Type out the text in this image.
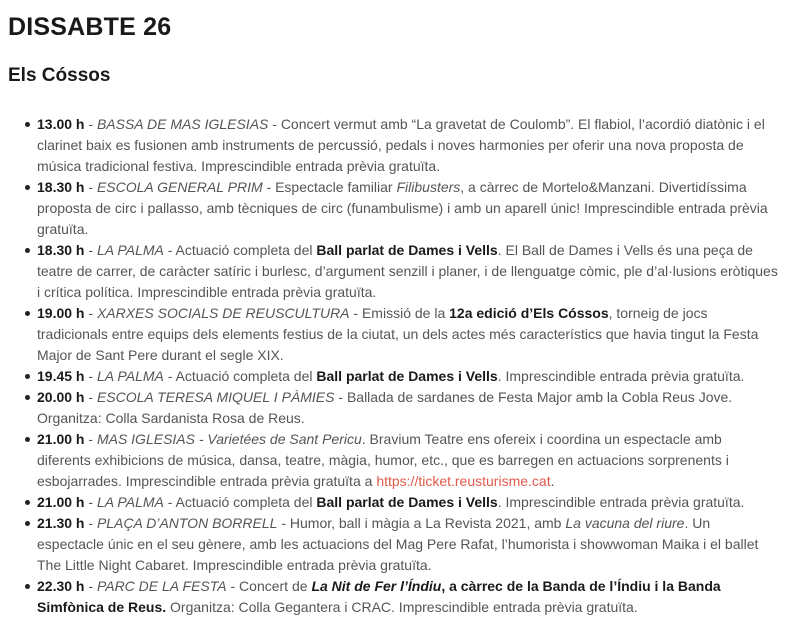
DISSABTE 26
Els Cóssos
13.00 h - BASSA DE MAS IGLESIAS - Concert vermut amb “La gravetat de Coulomb”. El flabiol, l’acordió diatònic i el clarinet baix es fusionen amb instruments de percussió, pedals i noves harmonies per oferir una nova proposta de música tradicional festiva. Imprescindible entrada prèvia gratuïta.
18.30 h - ESCOLA GENERAL PRIM - Espectacle familiar Filibusters, a càrrec de Mortelo&Manzani. Divertidíssima proposta de circ i pallasso, amb tècniques de circ (funambulisme) i amb un aparell únic! Imprescindible entrada prèvia gratuïta.
18.30 h - LA PALMA - Actuació completa del Ball parlat de Dames i Vells. El Ball de Dames i Vells és una peça de teatre de carrer, de caràcter satíric i burlesc, d’argument senzill i planer, i de llenguatge còmic, ple d’al·lusions eròtiques i crítica política. Imprescindible entrada prèvia gratuïta.
19.00 h - XARXES SOCIALS DE REUSCULTURA - Emissió de la 12a edició d’Els Cóssos, torneig de jocs tradicionals entre equips dels elements festius de la ciutat, un dels actes més característics que havia tingut la Festa Major de Sant Pere durant el segle XIX.
19.45 h - LA PALMA - Actuació completa del Ball parlat de Dames i Vells. Imprescindible entrada prèvia gratuïta.
20.00 h - ESCOLA TERESA MIQUEL I PÀMIES - Ballada de sardanes de Festa Major amb la Cobla Reus Jove. Organitza: Colla Sardanista Rosa de Reus.
21.00 h - MAS IGLESIAS - Varietées de Sant Pericu. Bravium Teatre ens ofereix i coordina un espectacle amb diferents exhibicions de música, dansa, teatre, màgia, humor, etc., que es barregen en actuacions sorprenents i esbojarrades. Imprescindible entrada prèvia gratuïta a https://ticket.reusturisme.cat.
21.00 h - LA PALMA - Actuació completa del Ball parlat de Dames i Vells. Imprescindible entrada prèvia gratuïta.
21.30 h - PLAÇA D’ANTON BORRELL - Humor, ball i màgia a La Revista 2021, amb La vacuna del riure. Un espectacle únic en el seu gènere, amb les actuacions del Mag Pere Rafat, l’humorista i showwoman Maika i el ballet The Little Night Cabaret. Imprescindible entrada prèvia gratuïta.
22.30 h - PARC DE LA FESTA - Concert de La Nit de Fer l’Índiu, a càrrec de la Banda de l’Índiu i la Banda Simfònica de Reus. Organitza: Colla Gegantera i CRAC. Imprescindible entrada prèvia gratuïta.
